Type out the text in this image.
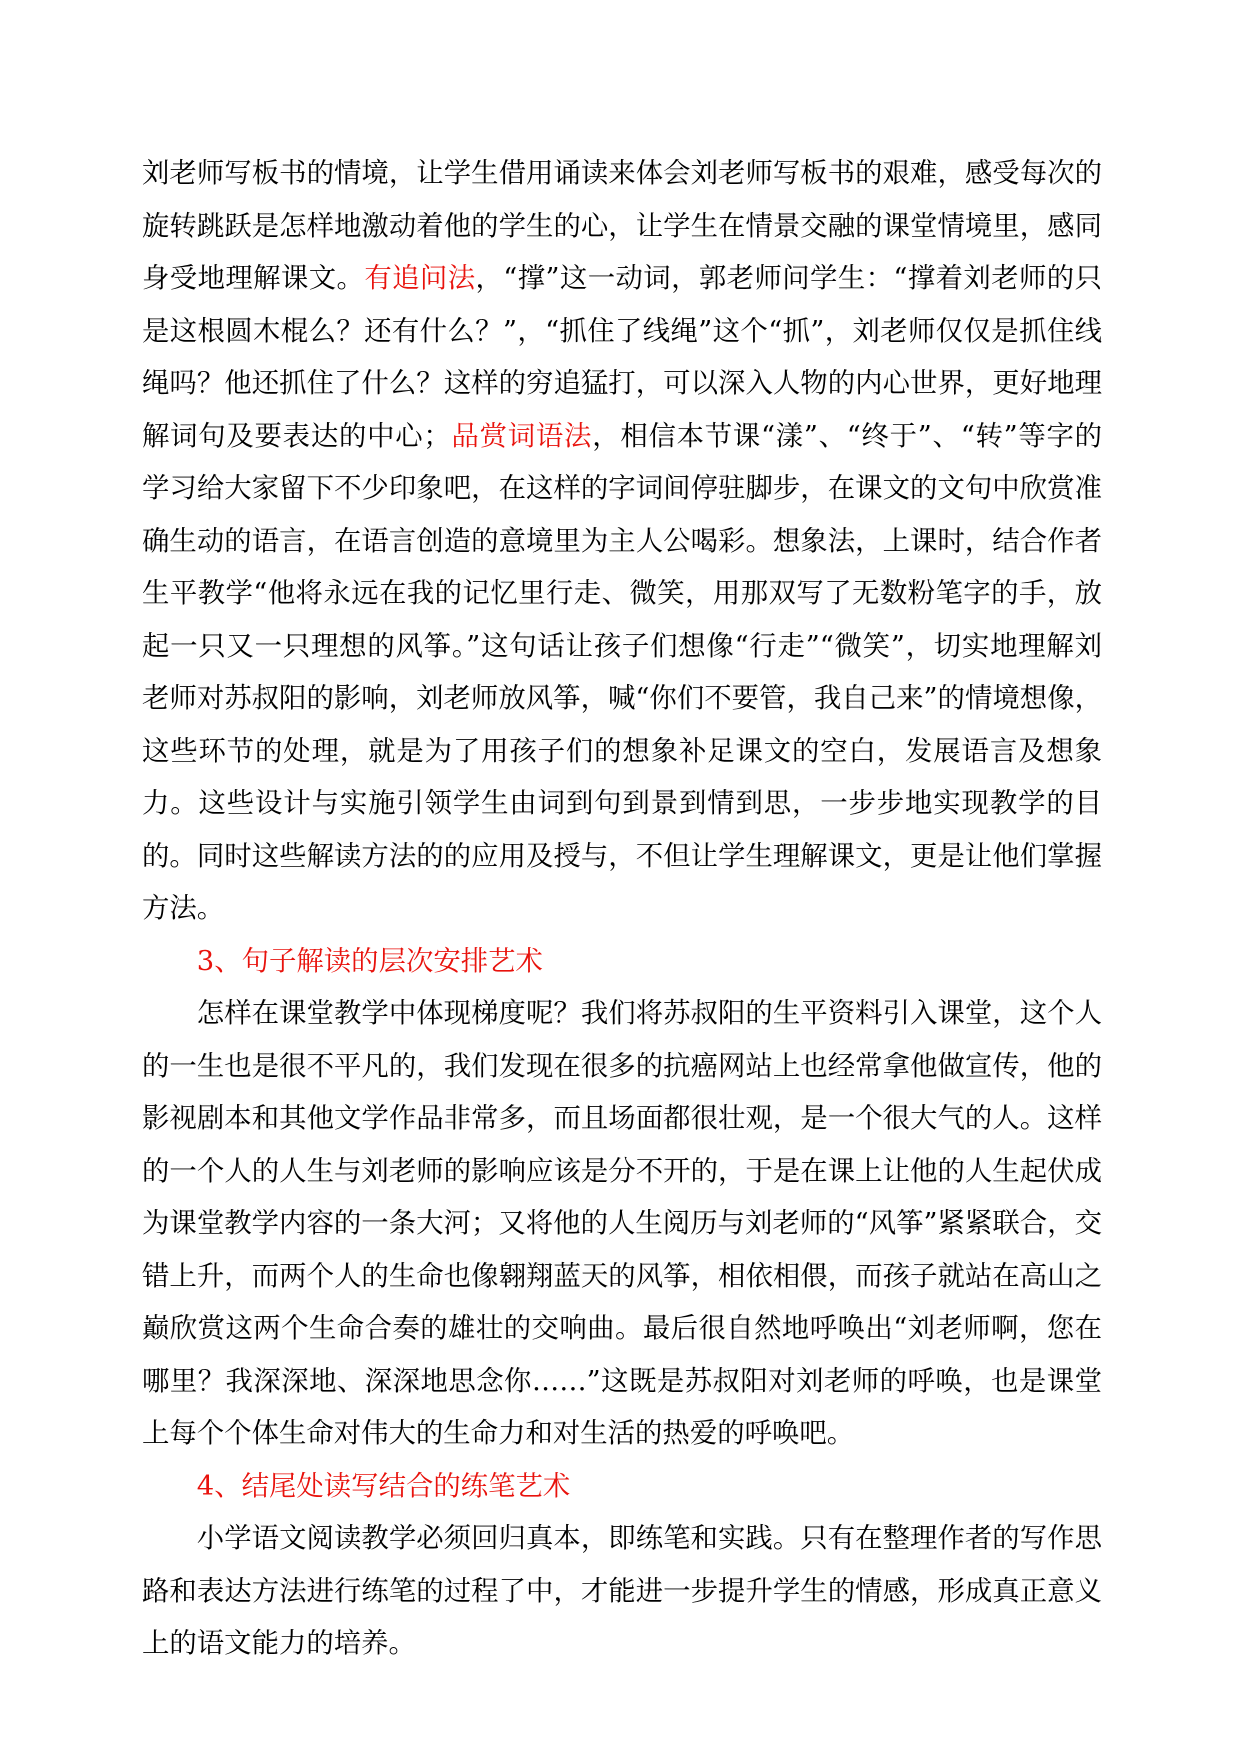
刘老师写板书的情境，让学生借用诵读来体会刘老师写板书的艰难，感受每次的旋转跳跃是怎样地激动着他的学生的心，让学生在情景交融的课堂情境里，感同身受地理解课文。有追问法，“撑”这一动词，郭老师问学生：“撑着刘老师的只是这根圆木棍么？还有什么？”，“抓住了线绳”这个“抓”，刘老师仅仅是抓住线绳吗？他还抓住了什么？这样的穷追猛打，可以深入人物的内心世界，更好地理解词句及要表达的中心；品赏词语法，相信本节课“漾”、“终于”、“转”等字的学习给大家留下不少印象吧，在这样的字词间停驻脚步，在课文的文句中欣赏准确生动的语言，在语言创造的意境里为主人公喝彩。想象法，上课时，结合作者生平教学“他将永远在我的记忆里行走、微笑，用那双写了无数粉笔字的手，放起一只又一只理想的风筝。”这句话让孩子们想像“行走”“微笑”，切实地理解刘老师对苏叔阳的影响，刘老师放风筝，喊“你们不要管，我自己来”的情境想像，这些环节的处理，就是为了用孩子们的想象补足课文的空白，发展语言及想象力。这些设计与实施引领学生由词到句到景到情到思，一步步地实现教学的目的。同时这些解读方法的的应用及授与，不但让学生理解课文，更是让他们掌握方法。

3、句子解读的层次安排艺术

怎样在课堂教学中体现梯度呢？我们将苏叔阳的生平资料引入课堂，这个人的一生也是很不平凡的，我们发现在很多的抗癌网站上也经常拿他做宣传，他的影视剧本和其他文学作品非常多，而且场面都很壮观，是一个很大气的人。这样的一个人的人生与刘老师的影响应该是分不开的，于是在课上让他的人生起伏成为课堂教学内容的一条大河；又将他的人生阅历与刘老师的“风筝”紧紧联合，交错上升，而两个人的生命也像翱翔蓝天的风筝，相依相偎，而孩子就站在高山之巅欣赏这两个生命合奏的雄壮的交响曲。最后很自然地呼唤出“刘老师啊，您在哪里？我深深地、深深地思念你……”这既是苏叔阳对刘老师的呼唤，也是课堂上每个个体生命对伟大的生命力和对生活的热爱的呼唤吧。

4、结尾处读写结合的练笔艺术

小学语文阅读教学必须回归真本，即练笔和实践。只有在整理作者的写作思路和表达方法进行练笔的过程了中，才能进一步提升学生的情感，形成真正意义上的语文能力的培养。
